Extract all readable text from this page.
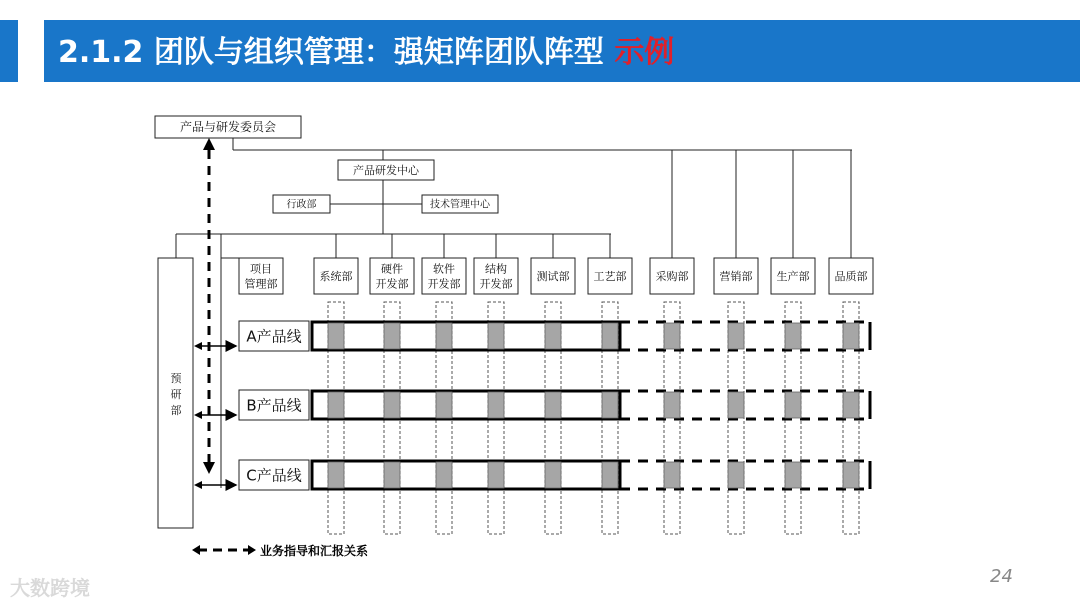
2.1.2 团队与组织管理：强矩阵团队阵型 示例
产品与研发委员会
产品研发中心
行政部	技术管理中心
项目
管理部
预
研
部
系统部
硬件
开发部
软件
开发部
结构
开发部
测试部 工艺部	采购部	营销部 生产部 品质部
A产品线
B产品线
C产品线
业务指导和汇报关系
大数跨境	24
